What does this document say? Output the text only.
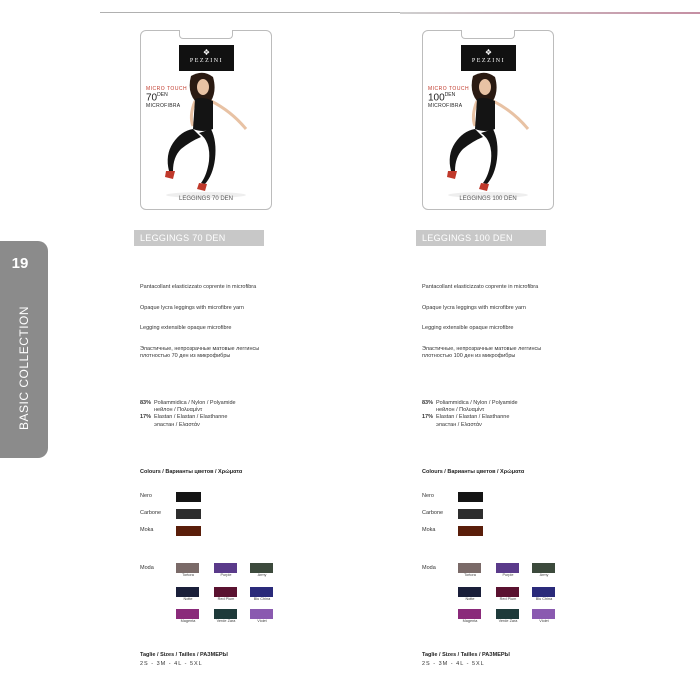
19
BASIC COLLECTION
❖
PEZZINI
MICRO TOUCH
$70^{DEN}$
MICROFIBRA
LEGGINGS 70 DEN
LEGGINGS 70 DEN
Pantacollant elasticizzato coprente in microfibra
Opaque lycra leggings with microfibre yarn
Legging extensible opaque microfibre
Эластичные, непрозрачные матовые леггинсы
плотностью 70 ден из микрофибры
83% Poliammidica / Nylon / Polyamide
нейлон / Πολυαμίντ
17% Elastan / Elastan / Elasthanne
эластан / Ελαστάν
Colours / Варианты цветов / Χρώματα
Nero
Carbone
Moka
Moda
Tortora	Purple	Army
Notte	Red Plum	Blu China
Magenta	Verde Zara	Violet
Taglie / Sizes / Tailles / РАЗМЕРЫ
2S - 3M - 4L - 5XL
❖
PEZZINI
MICRO TOUCH
$100^{DEN}$
MICROFIBRA
LEGGINGS 100 DEN
LEGGINGS 100 DEN
Pantacollant elasticizzato coprente in microfibra
Opaque lycra leggings with microfibre yarn
Legging extensible opaque microfibre
Эластичные, непрозрачные матовые леггинсы
плотностью 100 ден из микрофибры
83% Poliammidica / Nylon / Polyamide
нейлон / Πολυαμίντ
17% Elastan / Elastan / Elasthanne
эластан / Ελαστάν
Colours / Варианты цветов / Χρώματα
Nero
Carbone
Moka
Moda
Tortora	Purple	Army
Notte	Red Plum	Blu China
Magenta	Verde Zara	Violet
Taglie / Sizes / Tailles / РАЗМЕРЫ
2S - 3M - 4L - 5XL
